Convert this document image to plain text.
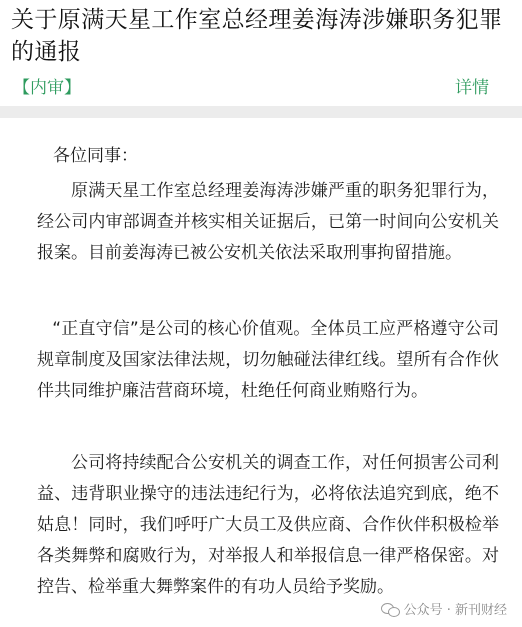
关于原满天星工作室总经理姜海涛涉嫌职务犯罪的通报
【内审】	详情
各位同事：
原满天星工作室总经理姜海涛涉嫌严重的职务犯罪行为，经公司内审部调查并核实相关证据后，已第一时间向公安机关报案。目前姜海涛已被公安机关依法采取刑事拘留措施。
“正直守信”是公司的核心价值观。全体员工应严格遵守公司规章制度及国家法律法规，切勿触碰法律红线。望所有合作伙伴共同维护廉洁营商环境，杜绝任何商业贿赂行为。
公司将持续配合公安机关的调查工作，对任何损害公司利益、违背职业操守的违法违纪行为，必将依法追究到底，绝不姑息！同时，我们呼吁广大员工及供应商、合作伙伴积极检举各类舞弊和腐败行为，对举报人和举报信息一律严格保密。对控告、检举重大舞弊案件的有功人员给予奖励。
公众号 · 新刊财经
